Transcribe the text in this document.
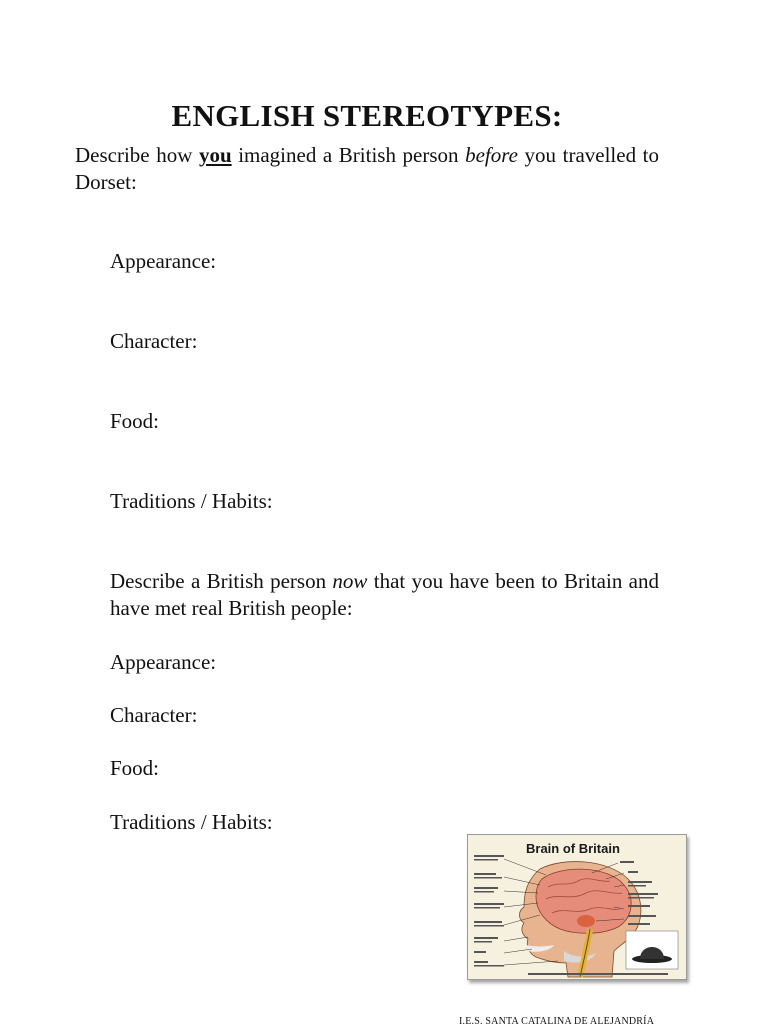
ENGLISH STEREOTYPES:
Describe how you imagined a British person before you travelled to Dorset:
Appearance:
Character:
Food:
Traditions / Habits:
Describe a British person now that you have been to Britain and have met real British people:
Appearance:
Character:
Food:
Traditions / Habits:
Brain of Britain
I.E.S. SANTA CATALINA DE ALEJANDRÍA
